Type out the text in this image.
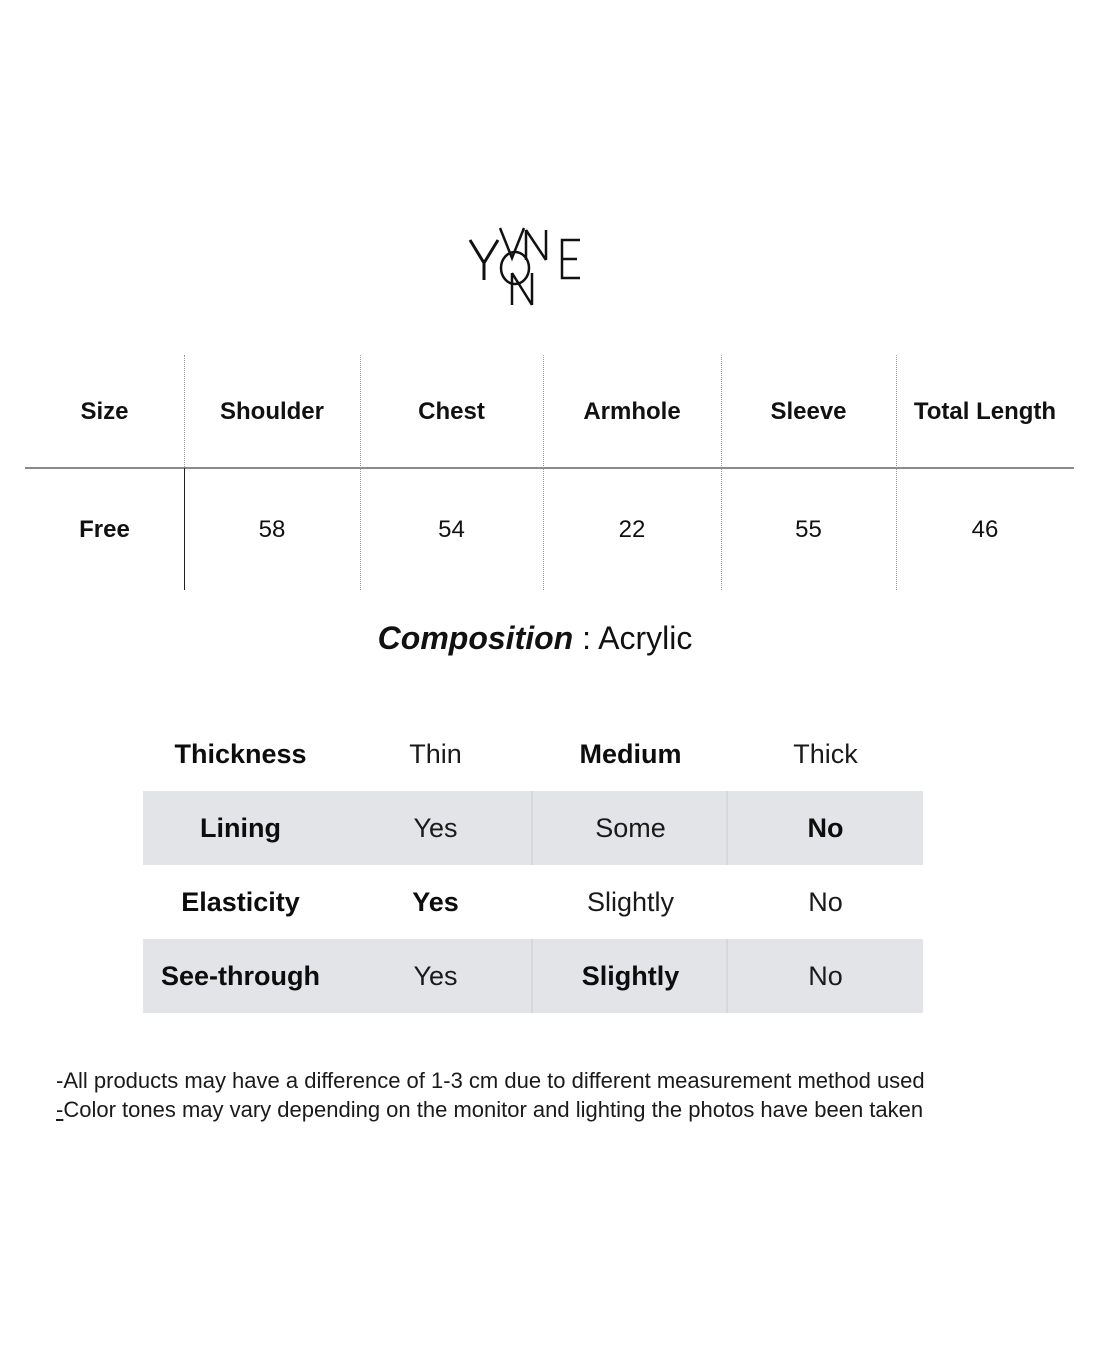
Size	Shoulder	Chest	Armhole	Sleeve	Total Length
Free	58	54	22	55	46
Composition : Acrylic
Thickness	Thin	Medium	Thick
Lining	Yes	Some	No
Elasticity	Yes	Slightly	No
See-through	Yes	Slightly	No
-All products may have a difference of 1-3 cm due to different measurement method used
-Color tones may vary depending on the monitor and lighting the photos have been taken
